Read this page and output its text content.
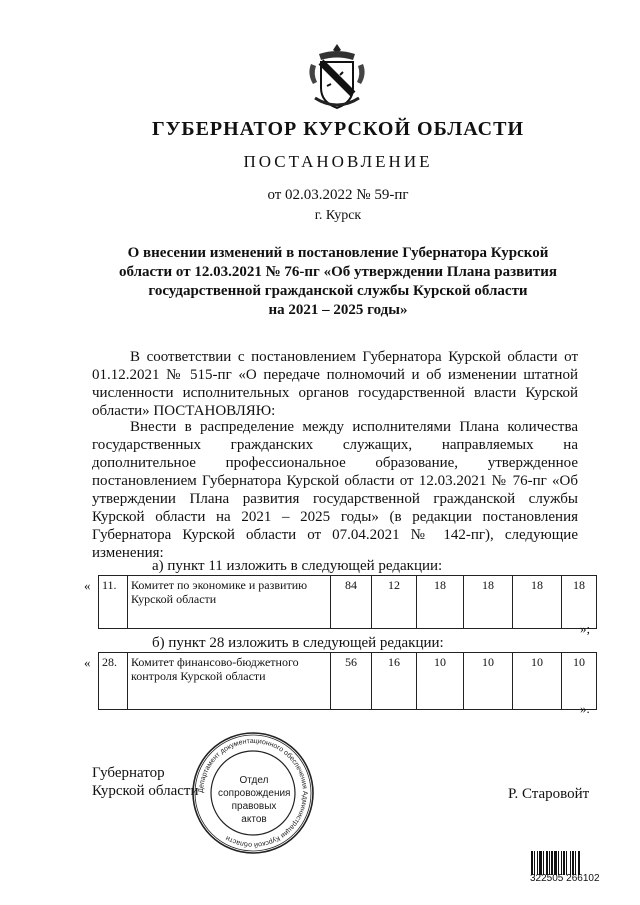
ГУБЕРНАТОР КУРСКОЙ ОБЛАСТИ
ПОСТАНОВЛЕНИЕ
от 02.03.2022 № 59-пг
г. Курск
О внесении изменений в постановление Губернатора Курской
области от 12.03.2021 № 76-пг «Об утверждении Плана развития
государственной гражданской службы Курской области
на 2021 – 2025 годы»
В соответствии с постановлением Губернатора Курской области от 01.12.2021 № 515-пг «О передаче полномочий и об изменении штатной численности исполнительных органов государственной власти Курской области» ПОСТАНОВЛЯЮ:
Внести в распределение между исполнителями Плана количества государственных гражданских служащих, направляемых на дополнительное профессиональное образование, утвержденное постановлением Губернатора Курской области от 12.03.2021 № 76-пг «Об утверждении Плана развития государственной гражданской службы Курской области на 2021 – 2025 годы» (в редакции постановления Губернатора Курской области от 07.04.2021 № 142-пг), следующие изменения:
а) пункт 11 изложить в следующей редакции:
« 11.	Комитет по экономике и развитию Курской области	84	12	18	18	18	18
»;
б) пункт 28 изложить в следующей редакции:
« 28.	Комитет финансово-бюджетного контроля Курской области	56	16	10	10	10	10
».
Губернатор
Курской области	Р. Старовойт
Департамент документационного обеспечения Администрации Курской области
Отдел
сопровождения
правовых
актов
322505 266102
